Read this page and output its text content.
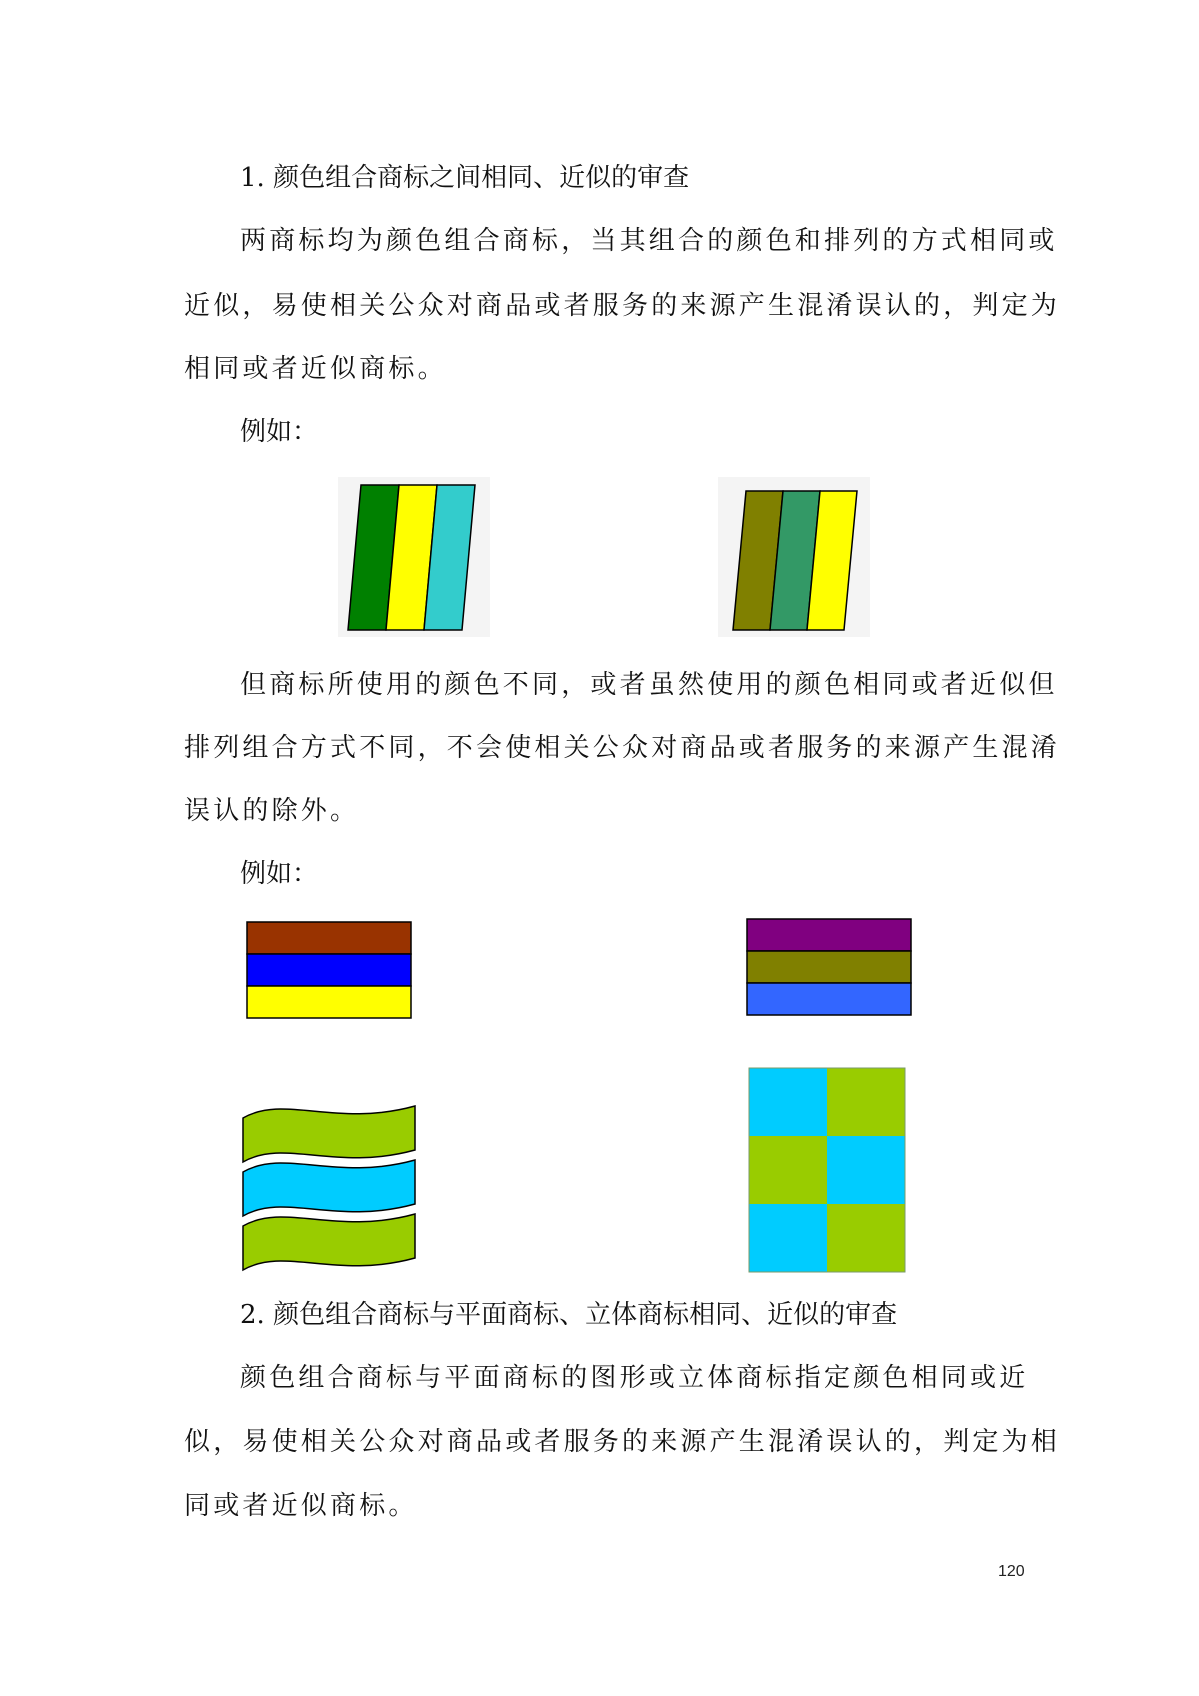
1. 颜色组合商标之间相同、近似的审查
两商标均为颜色组合商标，当其组合的颜色和排列的方式相同或
近似，易使相关公众对商品或者服务的来源产生混淆误认的，判定为
相同或者近似商标。
例如：
但商标所使用的颜色不同，或者虽然使用的颜色相同或者近似但
排列组合方式不同，不会使相关公众对商品或者服务的来源产生混淆
误认的除外。
例如：
2. 颜色组合商标与平面商标、立体商标相同、近似的审查
颜色组合商标与平面商标的图形或立体商标指定颜色相同或近
似，易使相关公众对商品或者服务的来源产生混淆误认的，判定为相
同或者近似商标。
120
